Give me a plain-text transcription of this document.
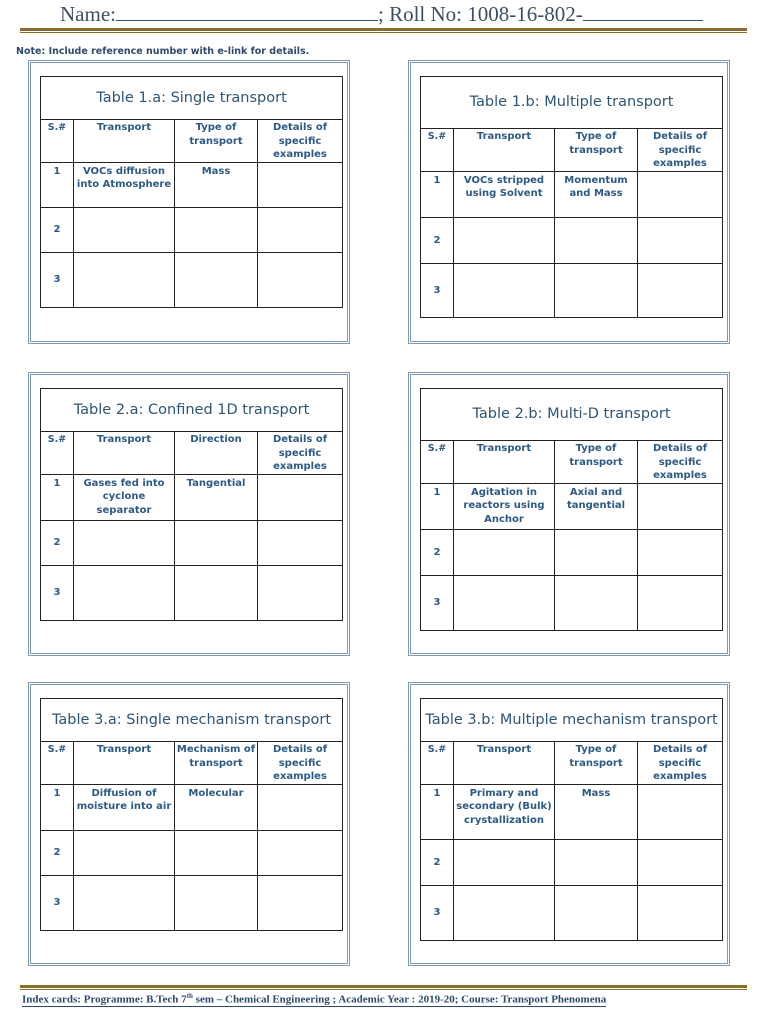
Name:	; Roll No: 1008-16-802-
Note: Include reference number with e-link for details.
Table 1.a: Single transport			
S.#	Transport	Type of transport	Details of specific examples
1	VOCs diffusion into Atmosphere	Mass	
2			
3			
Table 1.b: Multiple transport			
S.#	Transport	Type of transport	Details of specific examples
1	VOCs stripped using Solvent	Momentum and Mass	
2			
3			
Table 2.a: Confined 1D transport			
S.#	Transport	Direction	Details of specific examples
1	Gases fed into cyclone separator	Tangential	
2			
3			
Table 2.b: Multi-D transport			
S.#	Transport	Type of transport	Details of specific examples
1	Agitation in reactors using Anchor	Axial and tangential	
2			
3			
Table 3.a: Single mechanism transport			
S.#	Transport	Mechanism of transport	Details of specific examples
1	Diffusion of moisture into air	Molecular	
2			
3			
Table 3.b: Multiple mechanism transport			
S.#	Transport	Type of transport	Details of specific examples
1	Primary and secondary (Bulk) crystallization	Mass	
2			
3			
Index cards: Programme: B.Tech 7th sem – Chemical Engineering ; Academic Year : 2019-20; Course: Transport Phenomena
